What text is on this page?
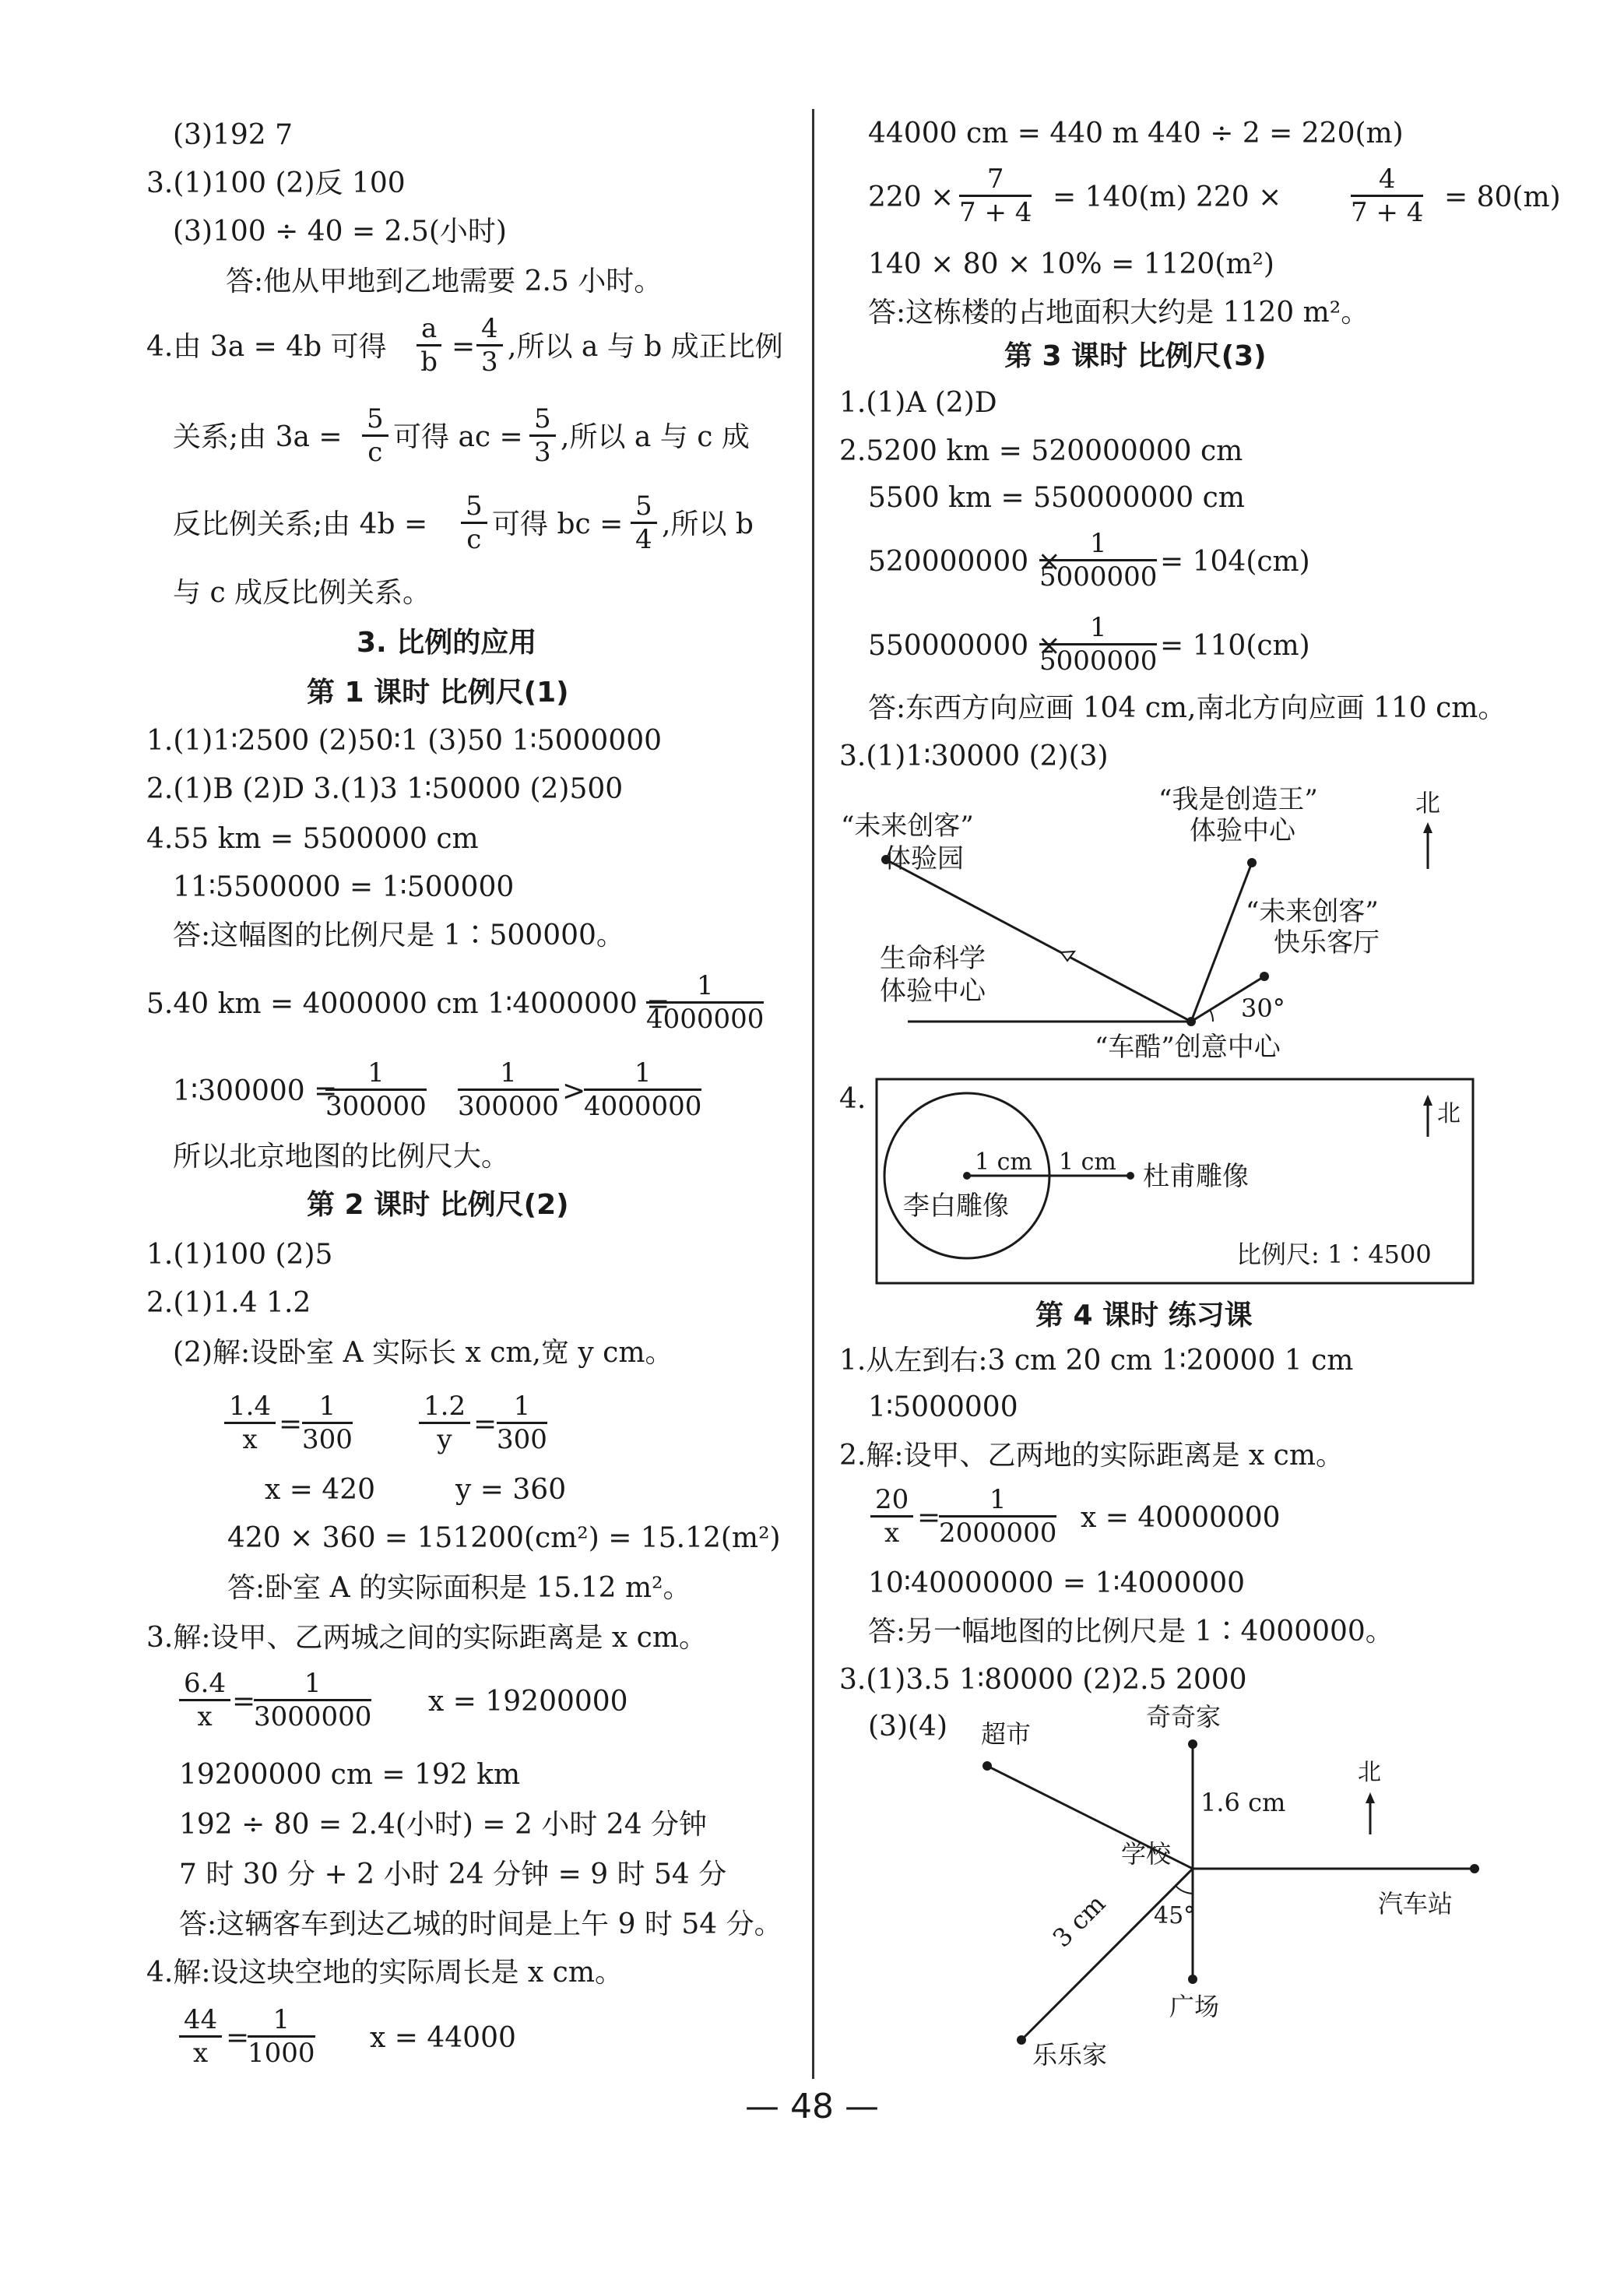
(3)192 7
3.(1)100 (2)反 100
(3)100 ÷ 40 = 2.5(小时)
答:他从甲地到乙地需要 2.5 小时。
4.由 3a = 4b 可得 $\frac{a}{b} = \frac{4}{3}$ ,所以 a 与 b 成正比例
关系;由 $3a = \frac{5}{c}$ 可得 ac = $\frac{5}{3}$ ,所以 a 与 c 成
反比例关系;由 $4b = \frac{5}{c}$ 可得 bc = $\frac{5}{4}$ ,所以 b
与 c 成反比例关系。
3. 比例的应用
第 1 课时 比例尺(1)
1.(1)1∶2500 (2)50∶1 (3)50 1∶5000000
2.(1)B (2)D 3.(1)3 1∶50000 (2)500
4.55 km = 5500000 cm
11∶5500000 = 1∶500000
答:这幅图的比例尺是 1∶500000。
5.40 km = 4000000 cm 1∶4000000 =
$\frac{1}{4000000}$
1∶300000 =
$\frac{1}{300000} \frac{1}{300000}$ >
$\frac{1}{4000000}$
所以北京地图的比例尺大。
第 2 课时 比例尺(2)
1.(1)100 (2)5
2.(1)1.4 1.2
(2)解:设卧室 A 实际长 x cm,宽 y cm。
$\frac{1.4}{x} = \frac{1}{300}$	$\frac{1.2}{y} = \frac{1}{300}$
x = 420	y = 360
420 × 360 = 151200(cm²) = 15.12(m²)
答:卧室 A 的实际面积是 15.12 m²。
3.解:设甲、乙两城之间的实际距离是 x cm。
$\frac{6.4}{x}$ =
$\frac{1}{3000000}$ x = 19200000
19200000 cm = 192 km
192 ÷ 80 = 2.4(小时) = 2 小时 24 分钟
7 时 30 分 + 2 小时 24 分钟 = 9 时 54 分
答:这辆客车到达乙城的时间是上午 9 时 54 分。
4.解:设这块空地的实际周长是 x cm。
$\frac{44}{x}$ =
$\frac{1}{1000}$ x = 44000
44000 cm = 440 m 440 ÷ 2 = 220(m)
$220 \times \frac{7}{7 + 4} = 140(m) 220$ ×	$\frac{4}{7 + 4} = 80(m)$
140 × 80 × 10% = 1120(m²)
答:这栋楼的占地面积大约是 1120 m²。
第 3 课时 比例尺(3)
1.(1)A (2)D
2.5200 km = 520000000 cm
5500 km = 550000000 cm
520000000 ×
$\frac{1}{5000000} = 104(cm)$
550000000 ×
$\frac{1}{5000000} = 110(cm)$
答:东西方向应画 104 cm,南北方向应画 110 cm。
3.(1)1∶30000 (2)(3)
“未来创客”
体验园
“我是创造王”
体验中心
“未来创客”
快乐客厅
生命科学
体验中心
30°
“车酷”创意中心
北
4.
1 cm 1 cm 杜甫雕像
李白雕像
北
比例尺: 1∶4500
第 4 课时 练习课
1.从左到右:3 cm 20 cm 1∶20000 1 cm
1∶5000000
2.解:设甲、乙两地的实际距离是 x cm。
$\frac{20}{x}$ =
$\frac{1}{2000000}$ x = 40000000
10∶40000000 = 1∶4000000
答:另一幅地图的比例尺是 1∶4000000。
3.(1)3.5 1∶80000 (2)2.5 2000
(3)(4) 超市
奇奇家
1.6 cm
学校
汽车站
45°
3 cm
广场
乐乐家
北
— 48 —
